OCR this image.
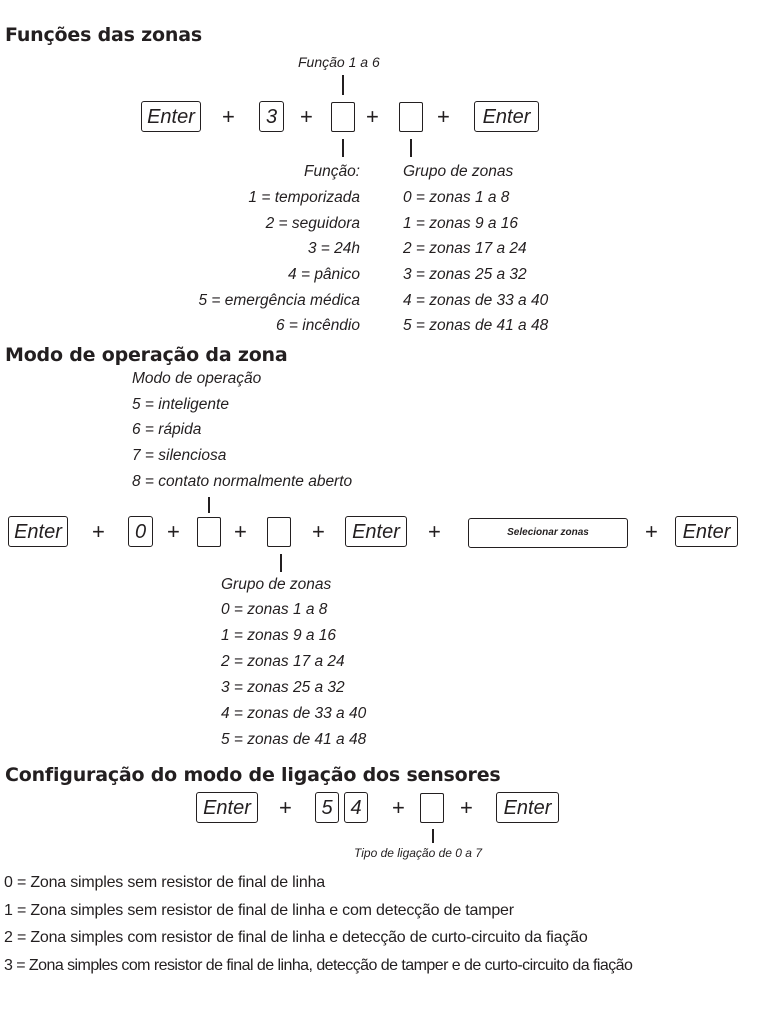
Funções das zonas
Função 1 a 6
Enter +	3	+ +	+	Enter
Função:
1 = temporizada
2 = seguidora
3 = 24h
4 = pânico
5 = emergência médica
6 = incêndio
Grupo de zonas
0 = zonas 1 a 8
1 = zonas 9 a 16
2 = zonas 17 a 24
3 = zonas 25 a 32
4 = zonas de 33 a 40
5 = zonas de 41 a 48
Modo de operação da zona
Modo de operação
5 = inteligente
6 = rápida
7 = silenciosa
8 = contato normalmente aberto
Enter +	0 + +	+	Enter	+	Selecionar zonas	+	Enter
Grupo de zonas
0 = zonas 1 a 8
1 = zonas 9 a 16
2 = zonas 17 a 24
3 = zonas 25 a 32
4 = zonas de 33 a 40
5 = zonas de 41 a 48
Configuração do modo de ligação dos sensores
Enter	+	5 4 +	+	Enter
Tipo de ligação de 0 a 7
0 = Zona simples sem resistor de final de linha
1 = Zona simples sem resistor de final de linha e com detecção de tamper
2 = Zona simples com resistor de final de linha e detecção de curto-circuito da fiação
3 = Zona simples com resistor de final de linha, detecção de tamper e de curto-circuito da fiação
